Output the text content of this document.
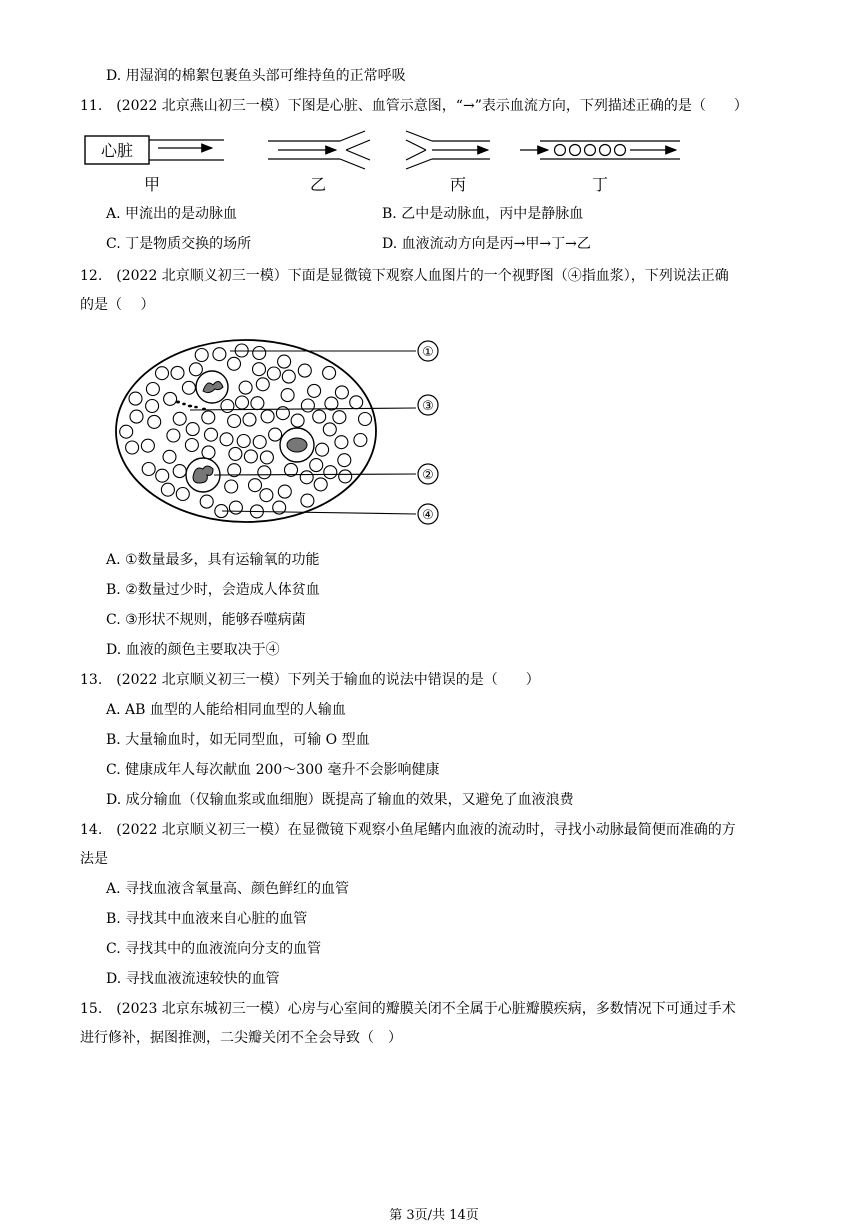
D. 用湿润的棉絮包裹鱼头部可维持鱼的正常呼吸
11.　(2022 北京燕山初三一模）下图是心脏、血管示意图，“→”表示血流方向，下列描述正确的是（　　）
心脏
甲	乙	丙	丁
A. 甲流出的是动脉血	B. 乙中是动脉血，丙中是静脉血
C. 丁是物质交换的场所	D. 血液流动方向是丙→甲→丁→乙
12.　(2022 北京顺义初三一模）下面是显微镜下观察人血图片的一个视野图（④指血浆），下列说法正确
的是（　 ）
①
③
②
④
A. ①数量最多，具有运输氧的功能
B. ②数量过少时，会造成人体贫血
C. ③形状不规则，能够吞噬病菌
D. 血液的颜色主要取决于④
13.　(2022 北京顺义初三一模）下列关于输血的说法中错误的是（　　）
A. AB 血型的人能给相同血型的人输血
B. 大量输血时，如无同型血，可输 O 型血
C. 健康成年人每次献血 200～300 毫升不会影响健康
D. 成分输血（仅输血浆或血细胞）既提高了输血的效果，又避免了血液浪费
14.　(2022 北京顺义初三一模）在显微镜下观察小鱼尾鳍内血液的流动时，寻找小动脉最简便而准确的方
法是
A. 寻找血液含氧量高、颜色鲜红的血管
B. 寻找其中血液来自心脏的血管
C. 寻找其中的血液流向分支的血管
D. 寻找血液流速较快的血管
15.　(2023 北京东城初三一模）心房与心室间的瓣膜关闭不全属于心脏瓣膜疾病，多数情况下可通过手术
进行修补，据图推测，二尖瓣关闭不全会导致（　）
第 3页/共 14页
